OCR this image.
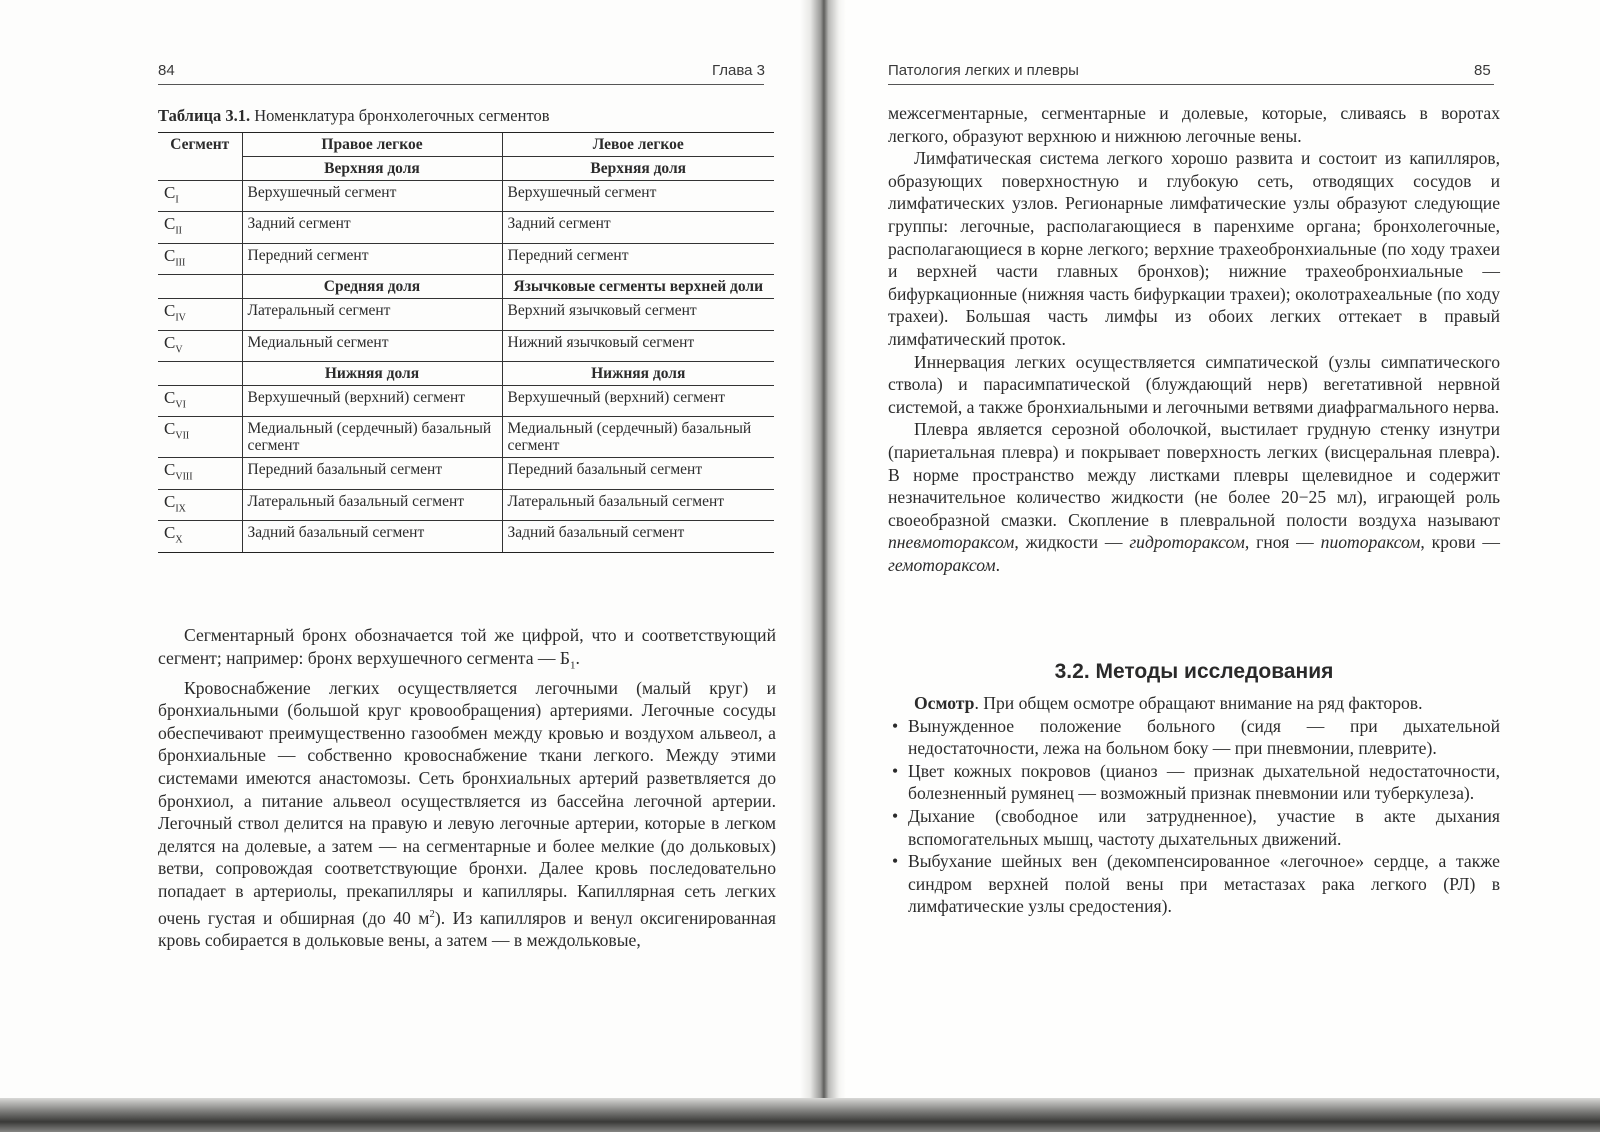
84	Глава 3
Таблица 3.1. Номенклатура бронхолегочных сегментов
Сегмент	Правое легкое	Левое легкое
	Верхняя доля	Верхняя доля
$С_I$	Верхушечный сегмент	Верхушечный сегмент
$С_{II}$	Задний сегмент	Задний сегмент
$С_{III}$	Передний сегмент	Передний сегмент
	Средняя доля	Язычковые сегменты верхней доли
$С_{IV}$	Латеральный сегмент	Верхний язычковый сегмент
$С_V$	Медиальный сегмент	Нижний язычковый сегмент
	Нижняя доля	Нижняя доля
$С_{VI}$	Верхушечный (верхний) сегмент	Верхушечный (верхний) сегмент
$С_{VII}$	Медиальный (сердечный) базальный сегмент	Медиальный (сердечный) базальный сегмент
$С_{VIII}$	Передний базальный сегмент	Передний базальный сегмент
$С_{IX}$	Латеральный базальный сегмент	Латеральный базальный сегмент
$С_X$	Задний базальный сегмент	Задний базальный сегмент

Сегментарный бронх обозначается той же цифрой, что и соответствующий сегмент; например: бронх верхушечного сегмента — $Б_1$.

Кровоснабжение легких осуществляется легочными (малый круг) и бронхиальными (большой круг кровообращения) артериями. Легочные сосуды обеспечивают преимущественно газообмен между кровью и воздухом альвеол, а бронхиальные — собственно кровоснабжение ткани легкого. Между этими системами имеются анастомозы. Сеть бронхиальных артерий разветвляется до бронхиол, а питание альвеол осуществляется из бассейна легочной артерии. Легочный ствол делится на правую и левую легочные артерии, которые в легком делятся на долевые, а затем — на сегментарные и более мелкие (до дольковых) ветви, сопровождая соответствующие бронхи. Далее кровь последовательно попадает в артериолы, прекапилляры и капилляры. Капиллярная сеть легких очень густая и обширная (до 40 $м^2$). Из капилляров и венул оксигенированная кровь собирается в дольковые вены, а затем — в междольковые,

Патология легких и плевры	85

межсегментарные, сегментарные и долевые, которые, сливаясь в воротах легкого, образуют верхнюю и нижнюю легочные вены.

Лимфатическая система легкого хорошо развита и состоит из капилляров, образующих поверхностную и глубокую сеть, отводящих сосудов и лимфатических узлов. Регионарные лимфатические узлы образуют следующие группы: легочные, располагающиеся в паренхиме органа; бронхолегочные, располагающиеся в корне легкого; верхние трахеобронхиальные (по ходу трахеи и верхней части главных бронхов); нижние трахеобронхиальные — бифуркационные (нижняя часть бифуркации трахеи); околотрахеальные (по ходу трахеи). Большая часть лимфы из обоих легких оттекает в правый лимфатический проток.

Иннервация легких осуществляется симпатической (узлы симпатического ствола) и парасимпатической (блуждающий нерв) вегетативной нервной системой, а также бронхиальными и легочными ветвями диафрагмального нерва.

Плевра является серозной оболочкой, выстилает грудную стенку изнутри (париетальная плевра) и покрывает поверхность легких (висцеральная плевра). В норме пространство между листками плевры щелевидное и содержит незначительное количество жидкости (не более 20−25 мл), играющей роль своеобразной смазки. Скопление в плевральной полости воздуха называют пневмотораксом, жидкости — гидротораксом, гноя — пиотораксом, крови — гемотораксом.

3.2. Методы исследования

Осмотр. При общем осмотре обращают внимание на ряд факторов.

• Вынужденное положение больного (сидя — при дыхательной недостаточности, лежа на больном боку — при пневмонии, плеврите).
• Цвет кожных покровов (цианоз — признак дыхательной недостаточности, болезненный румянец — возможный признак пневмонии или туберкулеза).
• Дыхание (свободное или затрудненное), участие в акте дыхания вспомогательных мышц, частоту дыхательных движений.
• Выбухание шейных вен (декомпенсированное «легочное» сердце, а также синдром верхней полой вены при метастазах рака легкого (РЛ) в лимфатические узлы средостения).
